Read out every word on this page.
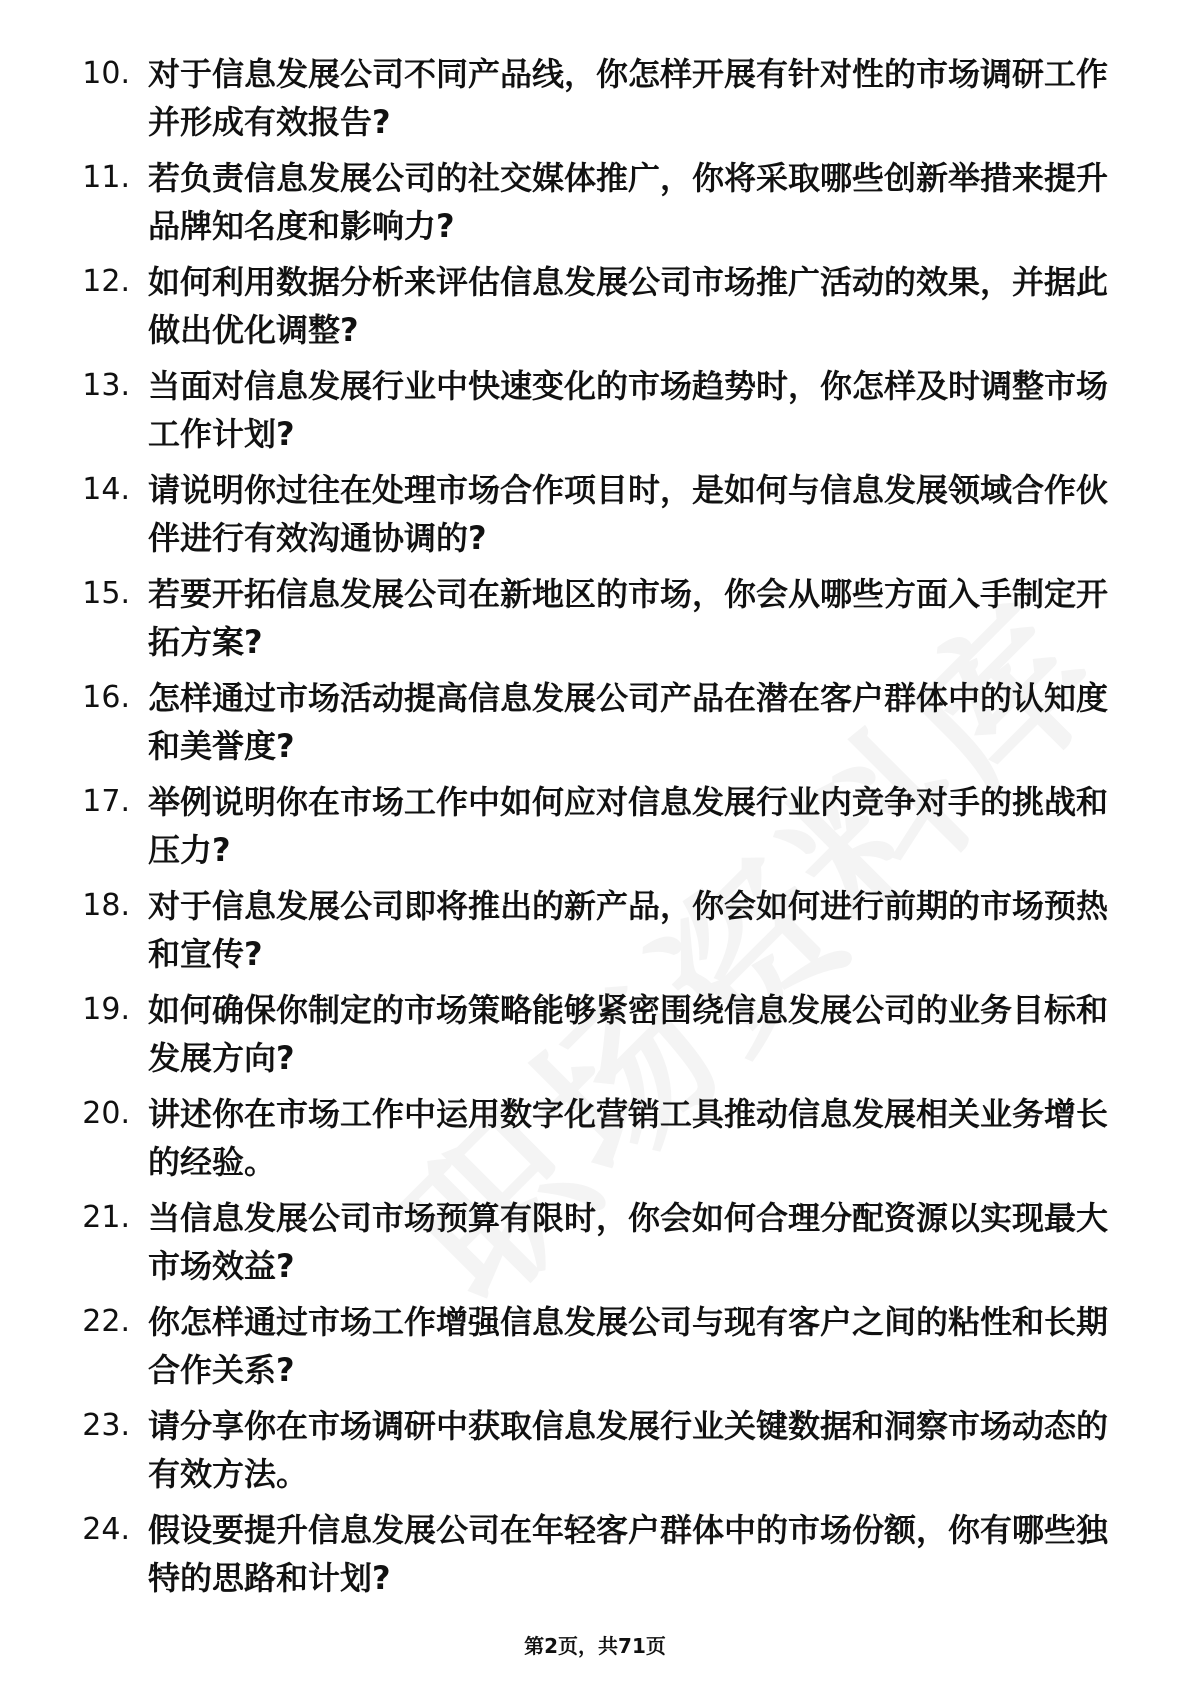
10. 对于信息发展公司不同产品线，你怎样开展有针对性的市场调研工作并形成有效报告?
11. 若负责信息发展公司的社交媒体推广，你将采取哪些创新举措来提升品牌知名度和影响力?
12. 如何利用数据分析来评估信息发展公司市场推广活动的效果，并据此做出优化调整?
13. 当面对信息发展行业中快速变化的市场趋势时，你怎样及时调整市场工作计划?
14. 请说明你过往在处理市场合作项目时，是如何与信息发展领域合作伙伴进行有效沟通协调的?
15. 若要开拓信息发展公司在新地区的市场，你会从哪些方面入手制定开拓方案?
16. 怎样通过市场活动提高信息发展公司产品在潜在客户群体中的认知度和美誉度?
17. 举例说明你在市场工作中如何应对信息发展行业内竞争对手的挑战和压力?
18. 对于信息发展公司即将推出的新产品，你会如何进行前期的市场预热和宣传?
19. 如何确保你制定的市场策略能够紧密围绕信息发展公司的业务目标和发展方向?
20. 讲述你在市场工作中运用数字化营销工具推动信息发展相关业务增长的经验。
21. 当信息发展公司市场预算有限时，你会如何合理分配资源以实现最大市场效益?
22. 你怎样通过市场工作增强信息发展公司与现有客户之间的粘性和长期合作关系?
23. 请分享你在市场调研中获取信息发展行业关键数据和洞察市场动态的有效方法。
24. 假设要提升信息发展公司在年轻客户群体中的市场份额，你有哪些独特的思路和计划?
第2页，共71页
